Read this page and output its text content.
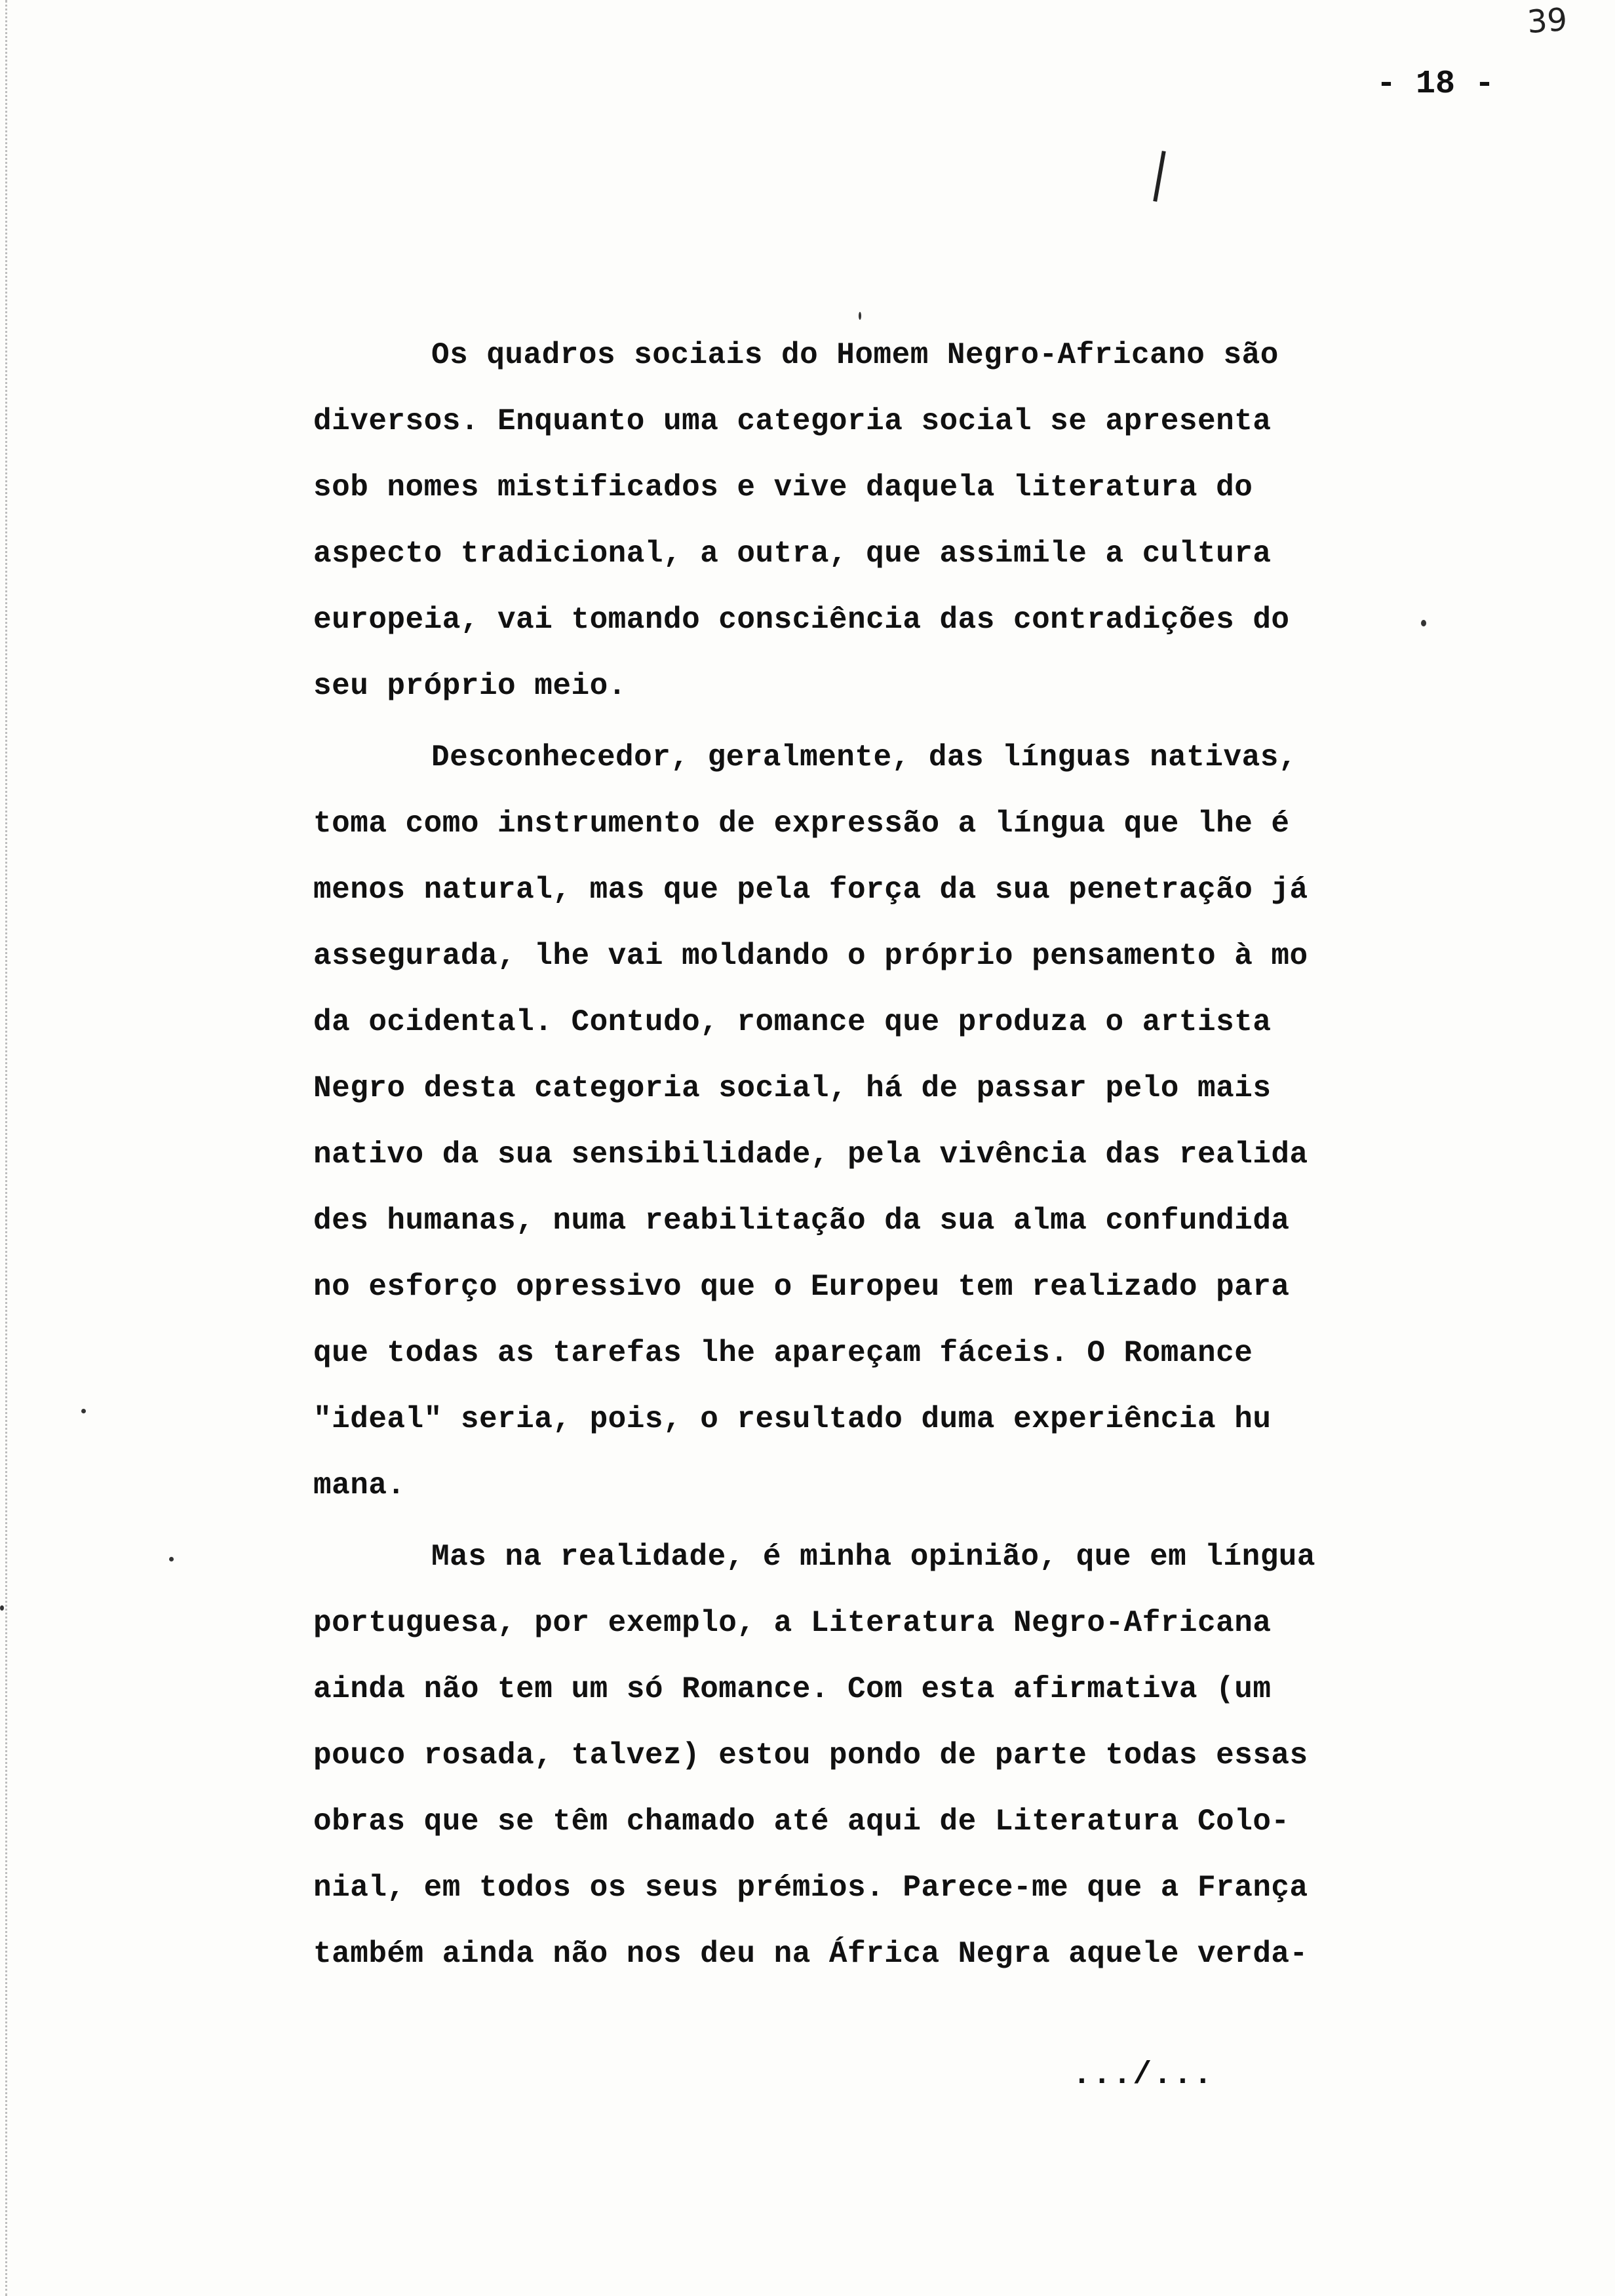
39
- 18 -
Os quadros sociais do Homem Negro-Africano são
diversos. Enquanto uma categoria social se apresenta
sob nomes mistificados e vive daquela literatura do
aspecto tradicional, a outra, que assimile a cultura
europeia, vai tomando consciência das contradições do
seu próprio meio.
Desconhecedor, geralmente, das línguas nativas,
toma como instrumento de expressão a língua que lhe é
menos natural, mas que pela força da sua penetração já
assegurada, lhe vai moldando o próprio pensamento à mo
da ocidental. Contudo, romance que produza o artista
Negro desta categoria social, há de passar pelo mais
nativo da sua sensibilidade, pela vivência das realida
des humanas, numa reabilitação da sua alma confundida
no esforço opressivo que o Europeu tem realizado para
que todas as tarefas lhe apareçam fáceis. O Romance
"ideal" seria, pois, o resultado duma experiência hu
mana.
Mas na realidade, é minha opinião, que em língua
portuguesa, por exemplo, a Literatura Negro-Africana
ainda não tem um só Romance. Com esta afirmativa (um
pouco rosada, talvez) estou pondo de parte todas essas
obras que se têm chamado até aqui de Literatura Colo-
nial, em todos os seus prémios. Parece-me que a França
também ainda não nos deu na África Negra aquele verda-
.../...
